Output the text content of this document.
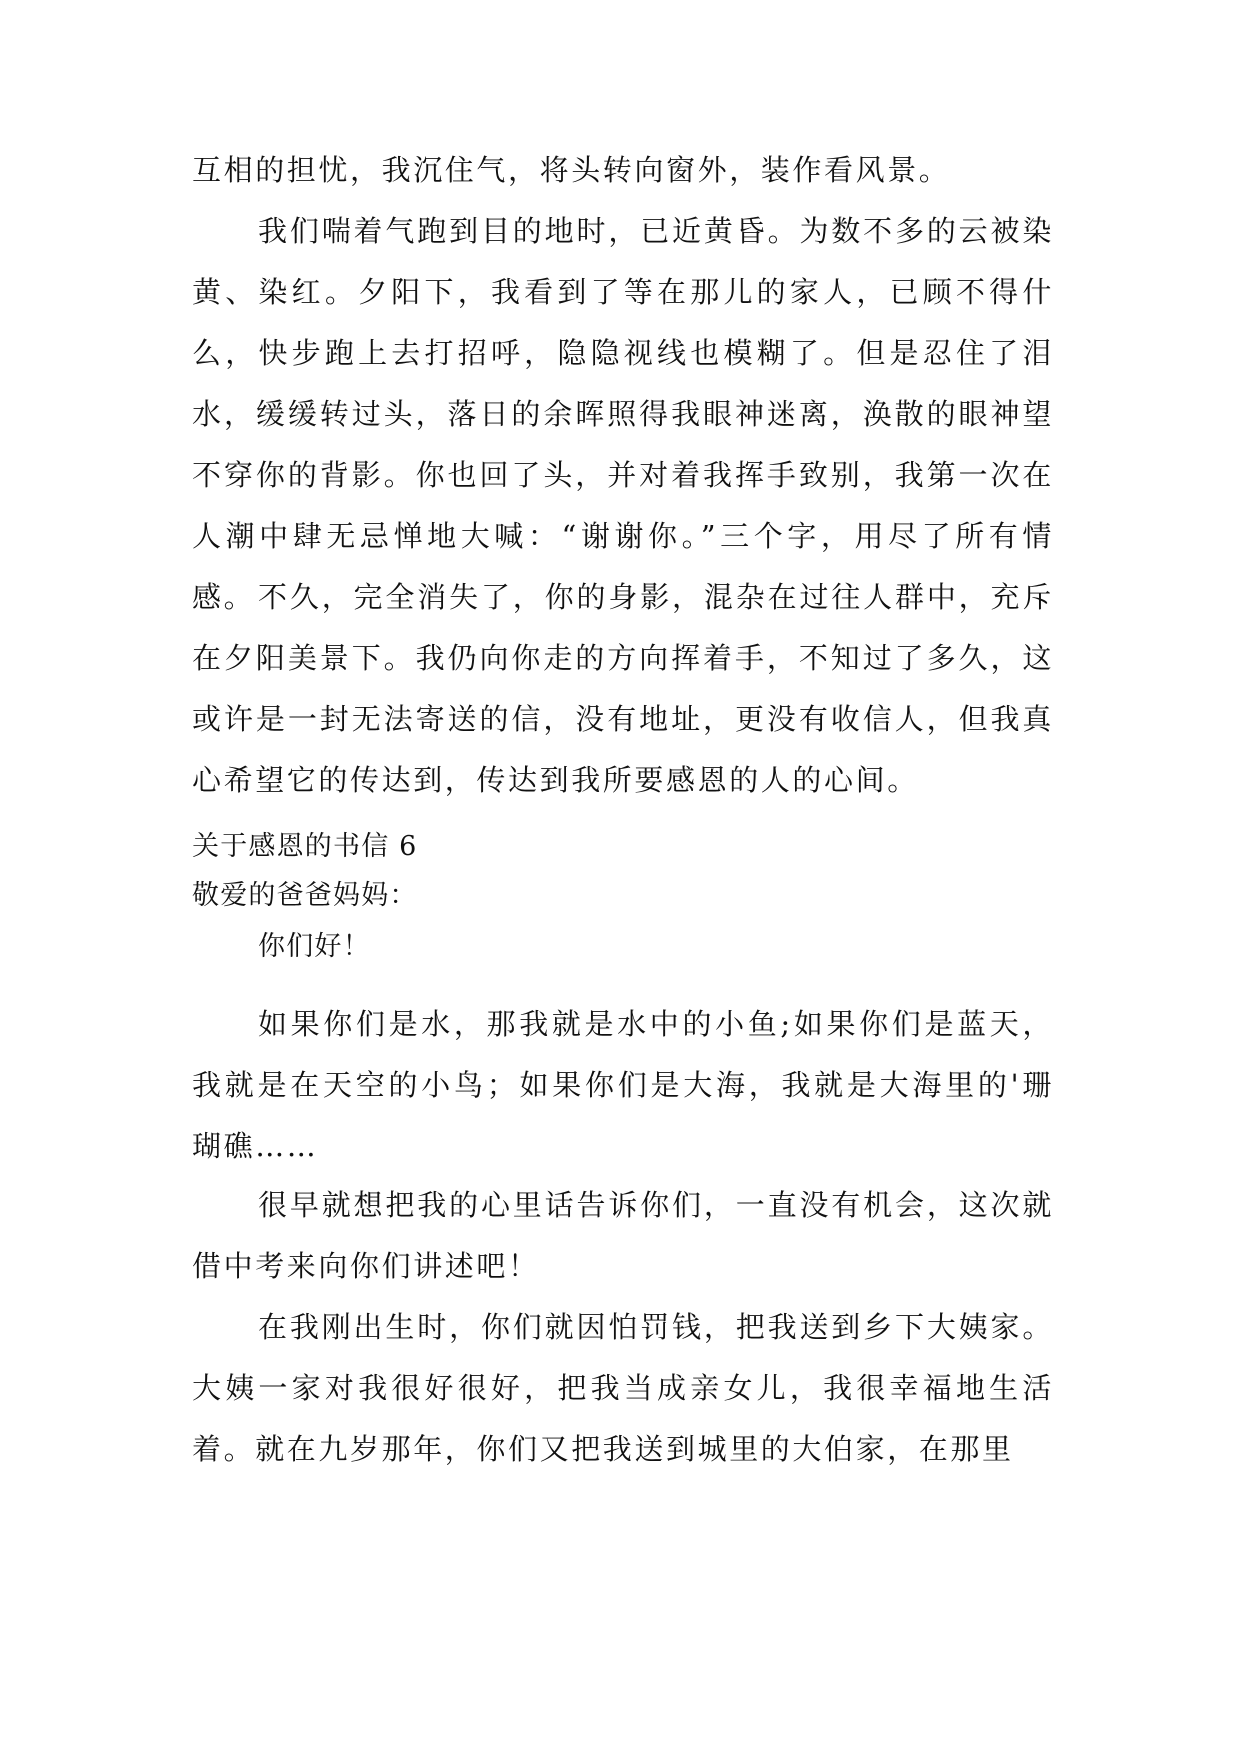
互相的担忧，我沉住气，将头转向窗外，装作看风景。

我们喘着气跑到目的地时，已近黄昏。为数不多的云被染黄、染红。夕阳下，我看到了等在那儿的家人，已顾不得什么，快步跑上去打招呼，隐隐视线也模糊了。但是忍住了泪水，缓缓转过头，落日的余晖照得我眼神迷离，涣散的眼神望不穿你的背影。你也回了头，并对着我挥手致别，我第一次在人潮中肆无忌惮地大喊：“谢谢你。”三个字，用尽了所有情感。 不久，完全消失了，你的身影，混杂在过往人群中，充斥在夕阳美景下。我仍向你走的方向挥着手，不知过了多久，这或许是一封无法寄送的信，没有地址，更没有收信人，但我真心希望它的传达到，传达到我所要感恩的人的心间。

关于感恩的书信 6

敬爱的爸爸妈妈：

你们好！

如果你们是水，那我就是水中的小鱼;如果你们是蓝天，我就是在天空的小鸟；如果你们是大海，我就是大海里的'珊瑚礁……

很早就想把我的心里话告诉你们，一直没有机会，这次就借中考来向你们讲述吧！

在我刚出生时，你们就因怕罚钱，把我送到乡下大姨家。大姨一家对我很好很好，把我当成亲女儿，我很幸福地生活着。就在九岁那年，你们又把我送到城里的大伯家，在那里
